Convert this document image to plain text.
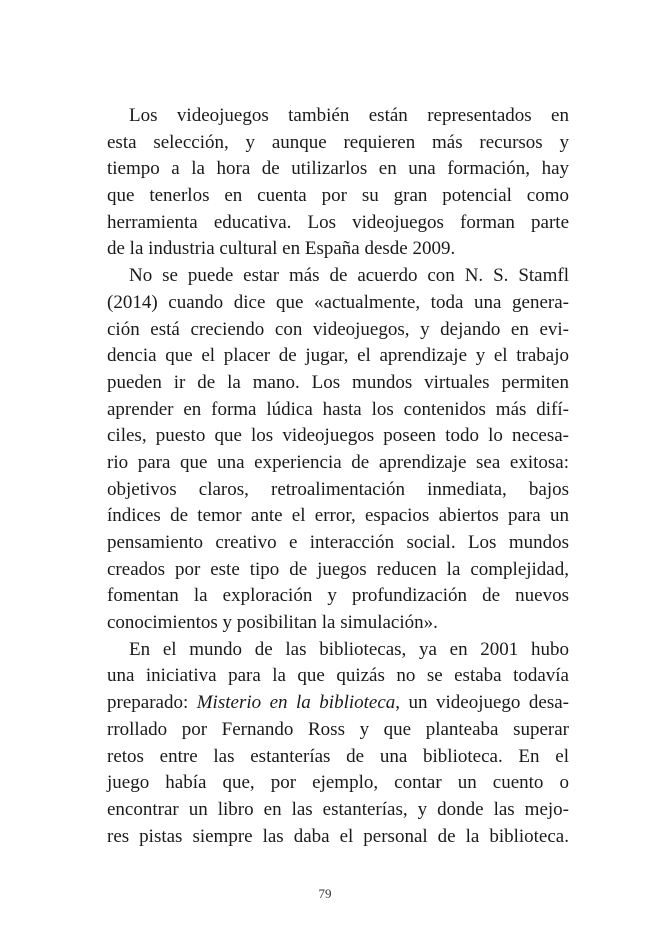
Los videojuegos también están representados en
esta selección, y aunque requieren más recursos y
tiempo a la hora de utilizarlos en una formación, hay
que tenerlos en cuenta por su gran potencial como
herramienta educativa. Los videojuegos forman parte
de la industria cultural en España desde 2009.
No se puede estar más de acuerdo con N. S. Stamfl
(2014) cuando dice que «actualmente, toda una genera-
ción está creciendo con videojuegos, y dejando en evi-
dencia que el placer de jugar, el aprendizaje y el trabajo
pueden ir de la mano. Los mundos virtuales permiten
aprender en forma lúdica hasta los contenidos más difí-
ciles, puesto que los videojuegos poseen todo lo necesa-
rio para que una experiencia de aprendizaje sea exitosa:
objetivos claros, retroalimentación inmediata, bajos
índices de temor ante el error, espacios abiertos para un
pensamiento creativo e interacción social. Los mundos
creados por este tipo de juegos reducen la complejidad,
fomentan la exploración y profundización de nuevos
conocimientos y posibilitan la simulación».
En el mundo de las bibliotecas, ya en 2001 hubo
una iniciativa para la que quizás no se estaba todavía
preparado: Misterio en la biblioteca, un videojuego desa-
rrollado por Fernando Ross y que planteaba superar
retos entre las estanterías de una biblioteca. En el
juego había que, por ejemplo, contar un cuento o
encontrar un libro en las estanterías, y donde las mejo-
res pistas siempre las daba el personal de la biblioteca.
79
